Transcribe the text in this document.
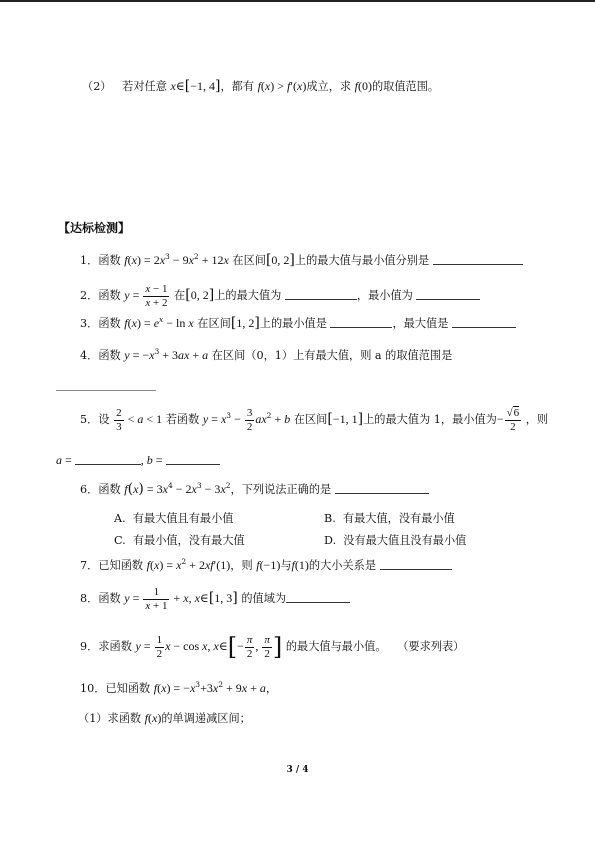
（2） 若对任意 x∈[−1, 4]，都有 f(x) > f′(x)成立，求 f(0)的取值范围。
【达标检测】
1．函数 $f(x) = 2x^3 - 9x^2 + 12x$ 在区间[0, 2]上的最大值与最小值分别是
2．函数 $y = \frac{x - 1}{x + 2}$ 在[0, 2]上的最大值为	，最小值为
3．函数 $f(x) = e^x - \ln x$ 在区间[1, 2]上的最小值是	，最大值是
4．函数 $y = -x^3 + 3ax + a$ 在区间（0，1）上有最大值，则 a 的取值范围是
5．设 $\frac{2}{3} < a < 1$ 若函数 $y = x^3 - \frac{3}{2} ax^2 + b$ 在区间[−1, 1]上的最大值为 1，最小值为− $\frac{√6}{2}$ ，则
a =	, b =
6．函数 $f(x) = 3x^4 - 2x^3 - 3x^2$，下列说法正确的是
A. 有最大值且有最小值	B. 有最大值，没有最小值
C. 有最小值，没有最大值	D. 没有最大值且没有最小值
7．已知函数 $f(x) = x^2 + 2xf'(1)$，则 f(−1)与f(1)的大小关系是
8．函数 $y = \frac{1}{x + 1} + x$, x∈[1, 3] 的值域为
9．求函数 $y = \frac{1}{2}$ x − cos x, x∈[− $\frac{\pi}{2}$ , $\frac{\pi}{2}$ ] 的最大值与最小值。 （要求列表）
10．已知函数 $f(x) = -x^3+3x^2 + 9x + a$，
（1）求函数 f(x)的单调递减区间；
3 / 4
